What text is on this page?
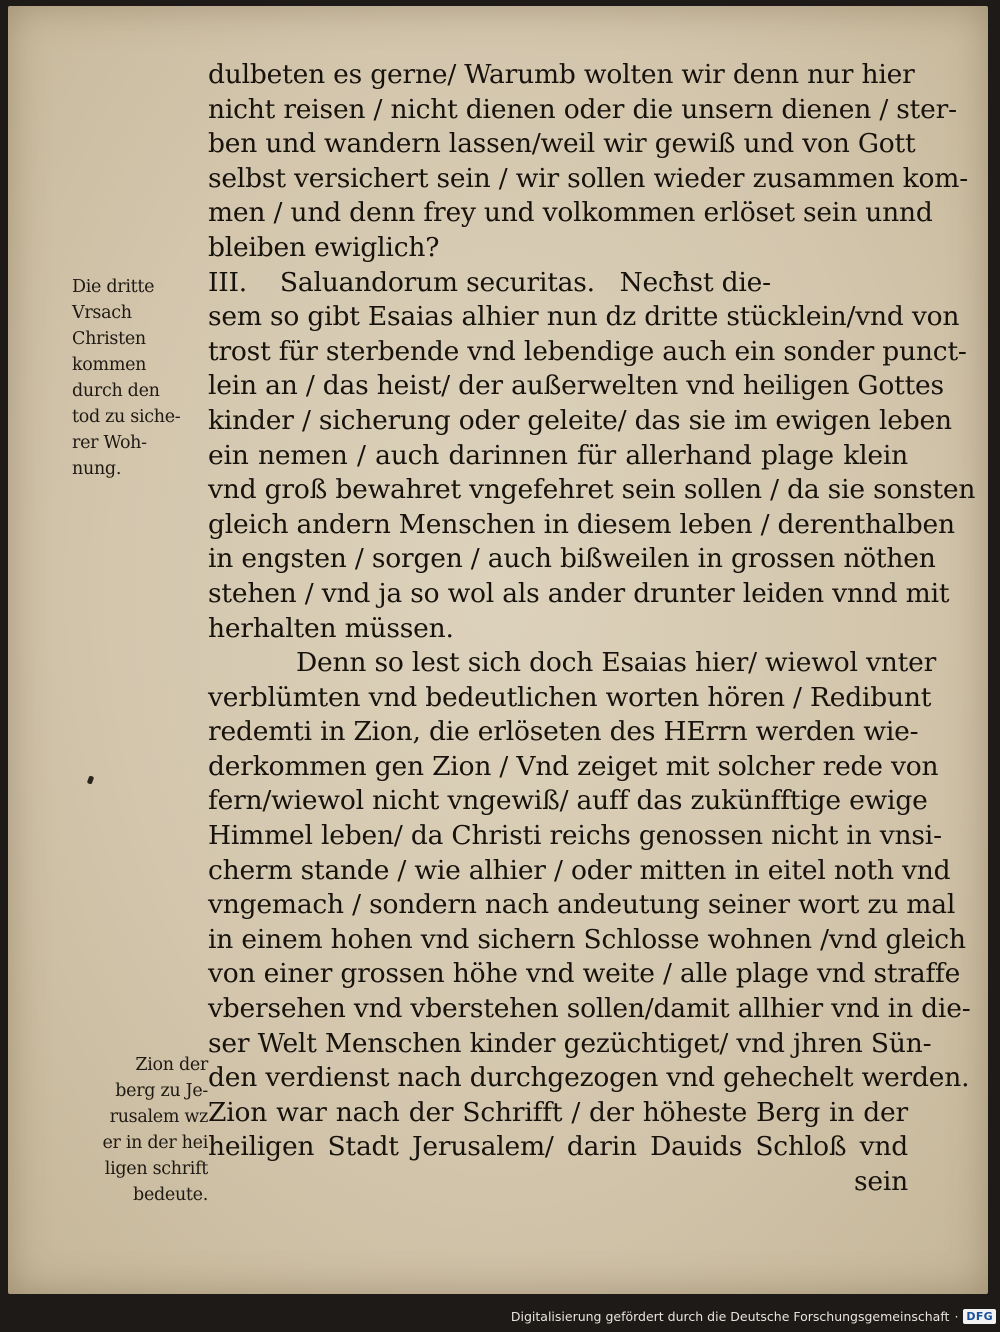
dulbeten es gerne/ Warumb wolten wir denn nur hier
nicht reisen / nicht dienen oder die unsern dienen / ster-
ben und wandern lassen/weil wir gewiß und von Gott
selbst versichert sein / wir sollen wieder zusammen kom-
men / und denn frey und volkommen erlöset sein unnd
bleiben ewiglich?
III.    Saluandorum securitas.   Necħst die-
sem so gibt Esaias alhier nun dz dritte stücklein/vnd von
trost für sterbende vnd lebendige auch ein sonder punct-
lein an / das heist/ der außerwelten vnd heiligen Gottes
kinder / sicherung oder geleite/ das sie im ewigen leben
ein nemen / auch darinnen für allerhand plage klein
vnd groß bewahret vngefehret sein sollen / da sie sonsten
gleich andern Menschen in diesem leben / derenthalben
in engsten / sorgen / auch bißweilen in grossen nöthen
stehen / vnd ja so wol als ander drunter leiden vnnd mit
herhalten müssen.
Denn so lest sich doch Esaias hier/ wiewol vnter
verblümten vnd bedeutlichen worten hören / Redibunt
redemti in Zion, die erlöseten des HErrn werden wie-
derkommen gen Zion / Vnd zeiget mit solcher rede von
fern/wiewol nicht vngewiß/ auff das zukünfftige ewige
Himmel leben/ da Christi reichs genossen nicht in vnsi-
cherm stande / wie alhier / oder mitten in eitel noth vnd
vngemach / sondern nach andeutung seiner wort zu mal
in einem hohen vnd sichern Schlosse wohnen /vnd gleich
von einer grossen höhe vnd weite / alle plage vnd straffe
vbersehen vnd vberstehen sollen/damit allhier vnd in die-
ser Welt Menschen kinder gezüchtiget/ vnd jhren Sün-
den verdienst nach durchgezogen vnd gehechelt werden.
Zion war nach der Schrifft / der höheste Berg in der
heiligen Stadt Jerusalem/ darin Dauids Schloß vnd
sein
Die dritte
Vrsach
Christen
kommen
durch den
tod zu siche-
rer Woh-
nung.
Zion der
berg zu Je-
rusalem wz
er in der hei
ligen schrift
bedeute.
Digitalisierung gefördert durch die Deutsche Forschungsgemeinschaft · DFG
